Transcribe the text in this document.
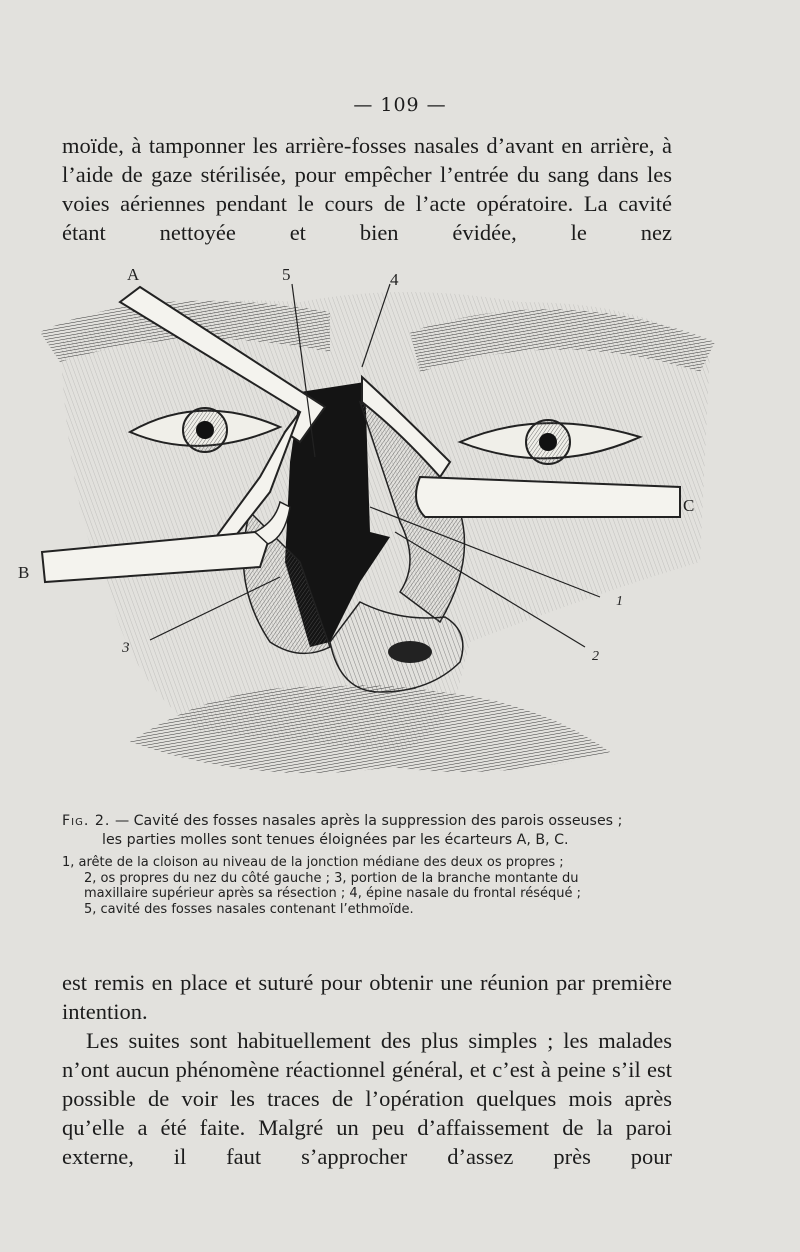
— 109 —
moïde, à tamponner les arrière-fosses nasales d’avant en arrière, à l’aide de gaze stérilisée, pour empêcher l’entrée du sang dans les voies aériennes pendant le cours de l’acte opératoire. La cavité étant nettoyée et bien évidée, le nez
A	5	4
C
B
1
2
3
Fig. 2. — Cavité des fosses nasales après la suppression des parois osseuses ;
les parties molles sont tenues éloignées par les écarteurs A, B, C.
1, arête de la cloison au niveau de la jonction médiane des deux os propres ;
2, os propres du nez du côté gauche ; 3, portion de la branche montante du
maxillaire supérieur après sa résection ; 4, épine nasale du frontal réséqué ;
5, cavité des fosses nasales contenant l’ethmoïde.
est remis en place et suturé pour obtenir une réunion par première intention.
Les suites sont habituellement des plus simples ; les malades n’ont aucun phénomène réactionnel général, et c’est à peine s’il est possible de voir les traces de l’opération quelques mois après qu’elle a été faite. Malgré un peu d’affaissement de la paroi externe, il faut s’approcher d’assez près pour
